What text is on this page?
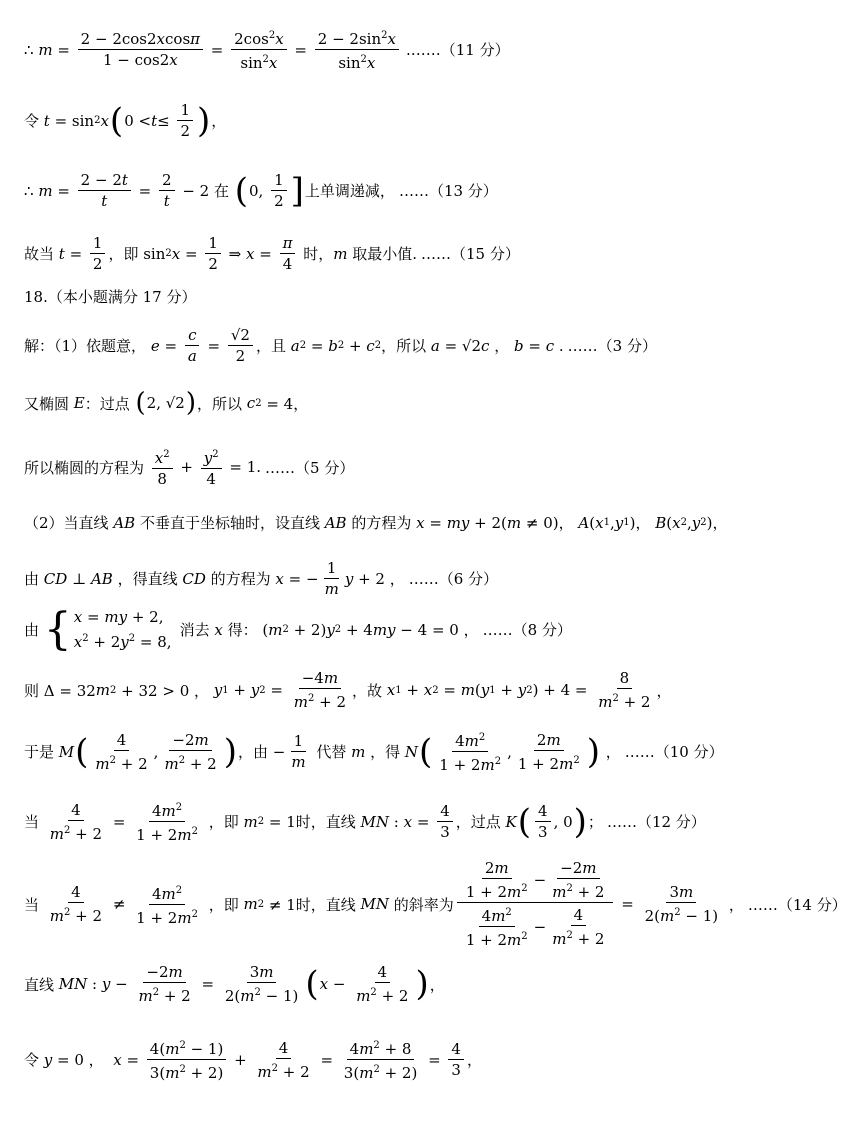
∴
$m = \frac{2 - 2\cos 2xcos\pi}{1 - \cos 2x} = \frac{2\cos^2x}{\sin^2x} = \frac{2 - 2\sin^2x}{\sin^2x}$ .……（11 分）
令 t = sin 2 x ( $0 < t \le \frac{1}{2}$ ) ，
∴
$m = \frac{2 - 2t}{t} = \frac{2}{t} - 2$ 在 ( 0, $\frac{1}{2}$ ] 上单调递减， ……（13 分）
故当 $t = \frac{1}{2}$ ，即 sin 2 $x = \frac{1}{2}$ ⇒ $x = \frac{\pi}{4}$ 时， m 取最小值. ……（15 分）
18.（本小题满分 17 分）
解：（1）依题意， $e = \frac{c}{a} = \frac{√2}{2}$ ，且 a 2 = b 2 + c 2 ，所以 a = √2 c ， b = c . ……（3 分）
又椭圆 E ：过点 ( 2, √2 ) ，所以 c 2 = 4，
所以椭圆的方程为 $\frac{x^2}{8} + \frac{y^2}{4} = 1$. ……（5 分）
（2）当直线 AB 不垂直于坐标轴时，设直线 AB 的方程为 x = my + 2( m ≠ 0)， A ( x 1 , y 1 )， B ( x 2 , y 2 )，
由 CD ⊥ AB ，得直线 CD 的方程为 x = − $\frac{1}{m}$ y + 2 ， ……（6 分）
由 { x = my + 2,
$x^2 + 2y^2 = 8$,
消去 x 得： ( m 2 + 2) y 2 + 4 my − 4 = 0 ， ……（8 分）
则 Δ = 32 m 2 + 32 > 0 ， y 1 + y $2 = \frac{-4m}{m^2 + 2}$ ，故 x 1 + x 2 = m ( y 1 + y 2 ) + $4 = \frac{8}{m^2 + 2}$ ，
于是 M ( $\frac{4}{m^2 + 2}$ , $\frac{-2m}{m^2 + 2}$ ) ，由 − $\frac{1}{m}$ 代替 m ，得 N ( $\frac{4m^2}{1 + 2m^2}$ , $\frac{2m}{1 + 2m^2}$ ) ， ……（10 分）
当 $\frac{4}{m^2 + 2} = \frac{4m^2}{1 + 2m^2}$ ，即 m 2 = 1时，直线 MN : $x = \frac{4}{3}$ ，过点 K ( $\frac{4}{3}$ , 0 ) ； ……（12 分）
当 $\frac{4}{m^2 + 2} \ne \frac{4m^2}{1 + 2m^2}$ ，即 m 2 ≠ 1时，直线 MN 的斜率为 $\frac{\frac{2m}{1 + 2m^2} - \frac{-2m}{m^2 + 2}}{\frac{4m^2}{1 + 2m^2} - \frac{4}{m^2 + 2}} = \frac{3m}{2(m^2 - 1)}$ ， ……（14 分）
直线 MN : $y - \frac{-2m}{m^2 + 2} = \frac{3m}{2(m^2 - 1)}$ ( $x - \frac{4}{m^2 + 2}$ ) ，
令 y = 0 ， $x = \frac{4(m^2 - 1)}{3(m^2 + 2)} + \frac{4}{m^2 + 2} = \frac{4m^2 + 8}{3(m^2 + 2)} = \frac{4}{3}$ ，
